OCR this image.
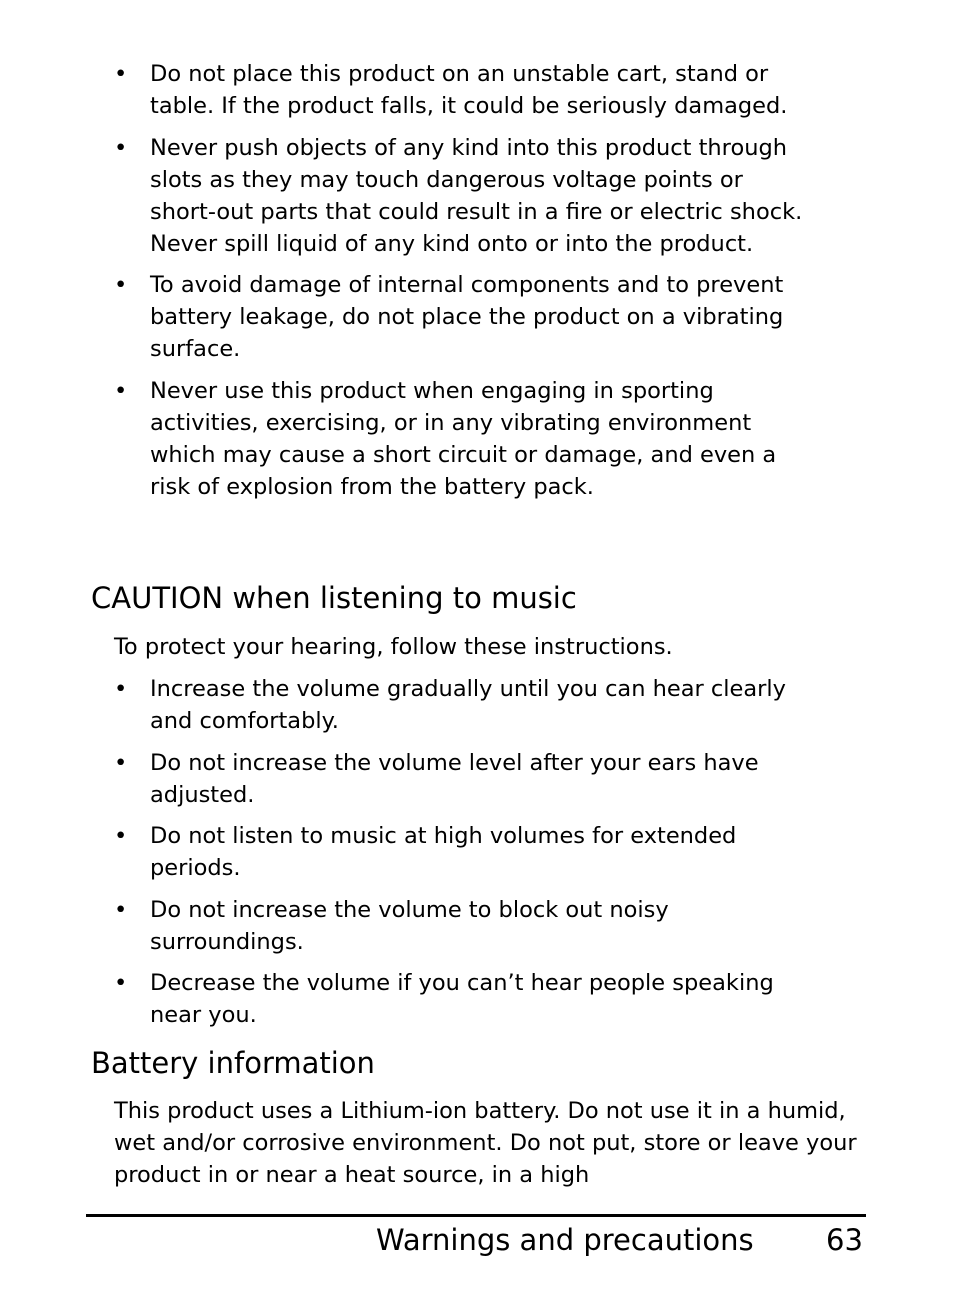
• Do not place this product on an unstable cart, stand or table. If the product falls, it could be seriously damaged.
• Never push objects of any kind into this product through slots as they may touch dangerous voltage points or short-out parts that could result in a fire or electric shock. Never spill liquid of any kind onto or into the product.
• To avoid damage of internal components and to prevent battery leakage, do not place the product on a vibrating surface.
• Never use this product when engaging in sporting activities, exercising, or in any vibrating environment which may cause a short circuit or damage, and even a risk of explosion from the battery pack.
CAUTION when listening to music

To protect your hearing, follow these instructions.

• Increase the volume gradually until you can hear clearly and comfortably.
• Do not increase the volume level after your ears have adjusted.
• Do not listen to music at high volumes for extended periods.
• Do not increase the volume to block out noisy surroundings.
• Decrease the volume if you can’t hear people speaking near you.
Battery information

This product uses a Lithium-ion battery. Do not use it in a humid, wet and/or corrosive environment. Do not put, store or leave your product in or near a heat source, in a high

Warnings and precautions 63
